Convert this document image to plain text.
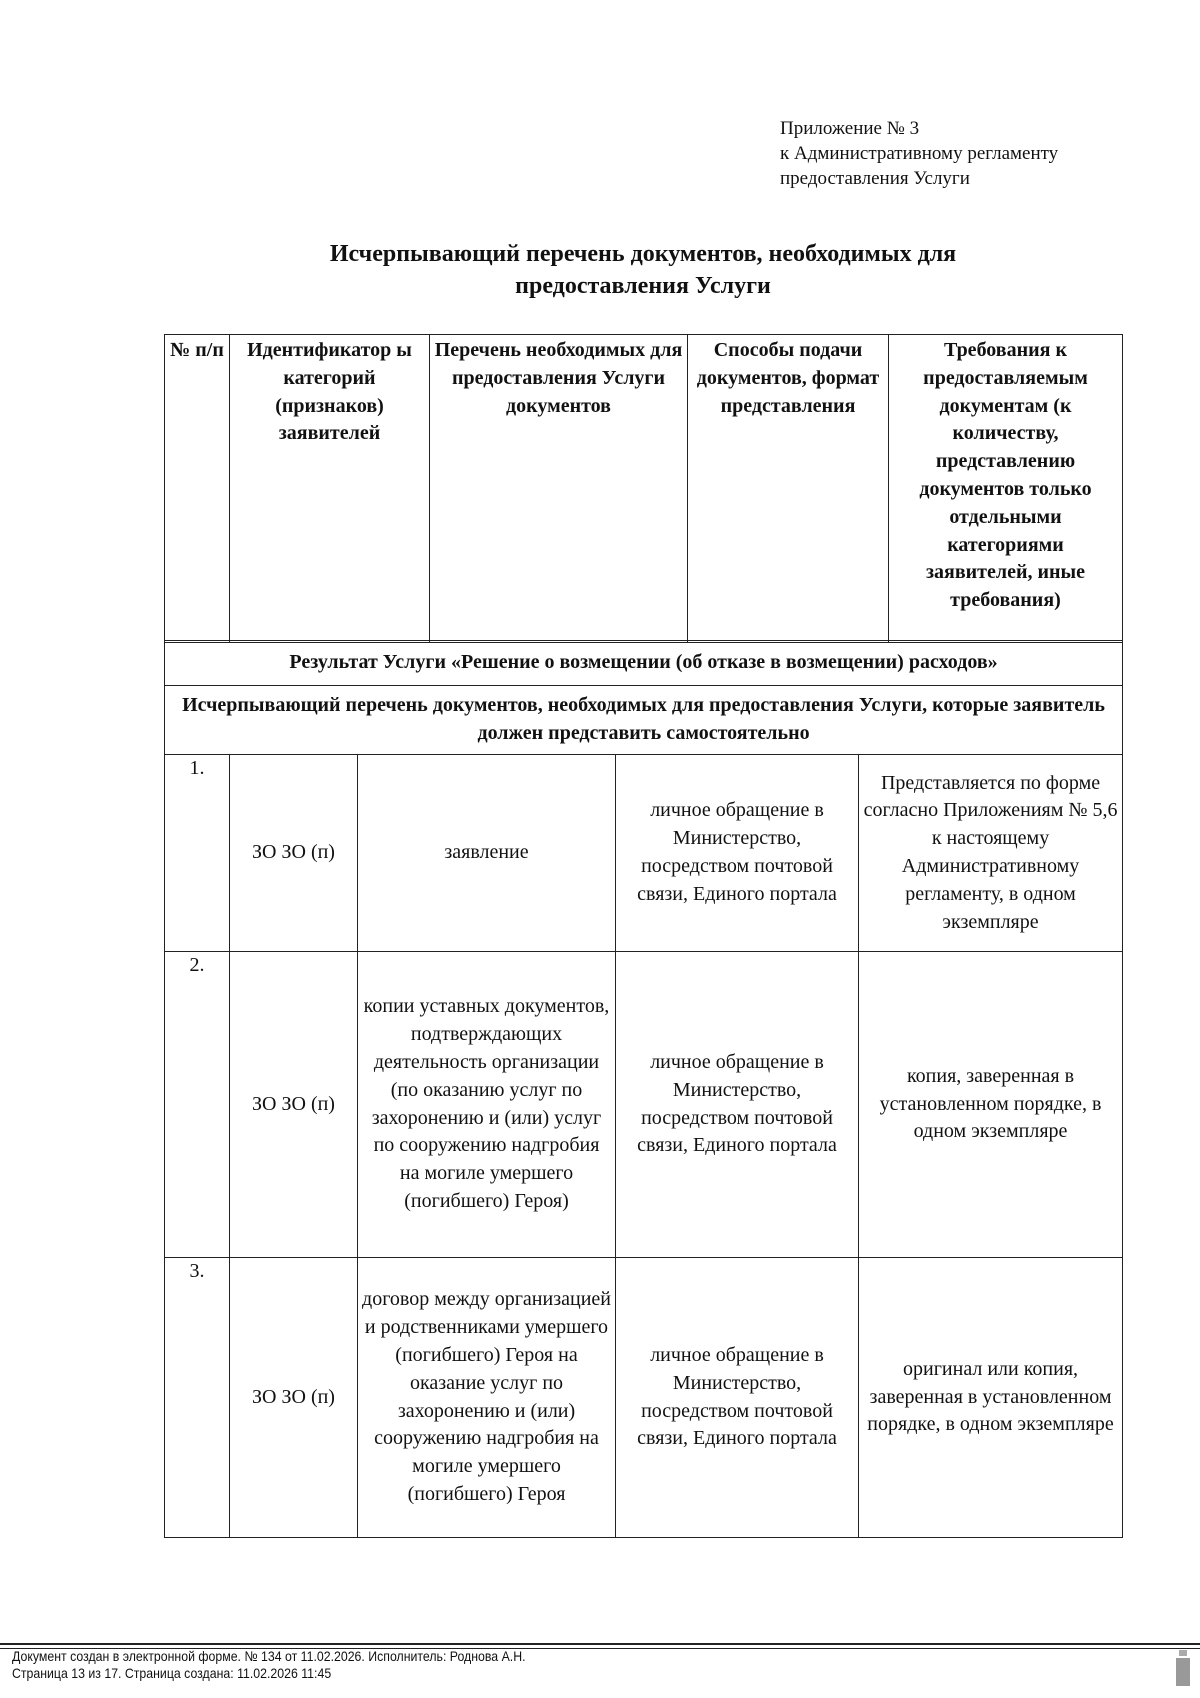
Приложение № 3
к Административному регламенту
предоставления Услуги
Исчерпывающий перечень документов, необходимых для
предоставления Услуги
№ п/п	Идентификатор ы категорий (признаков) заявителей	Перечень необходимых для предоставления Услуги документов	Способы подачи документов, формат представления	Требования к предоставляемым документам (к количеству, представлению документов только отдельными категориями заявителей, иные требования)
Результат Услуги «Решение о возмещении (об отказе в возмещении) расходов»				
Исчерпывающий перечень документов, необходимых для предоставления Услуги, которые заявитель должен представить самостоятельно				
1.	ЗО ЗО (п)	заявление	личное обращение в Министерство, посредством почтовой связи, Единого портала	Представляется по форме согласно Приложениям № 5,6 к настоящему Административному регламенту, в одном экземпляре
2.	ЗО ЗО (п)	копии уставных документов, подтверждающих деятельность организации (по оказанию услуг по захоронению и (или) услуг по сооружению надгробия на могиле умершего (погибшего) Героя)	личное обращение в Министерство, посредством почтовой связи, Единого портала	копия, заверенная в установленном порядке, в одном экземпляре
3.	ЗО ЗО (п)	договор между организацией и родственниками умершего (погибшего) Героя на оказание услуг по захоронению и (или) сооружению надгробия на могиле умершего (погибшего) Героя	личное обращение в Министерство, посредством почтовой связи, Единого портала	оригинал или копия, заверенная в установленном порядке, в одном экземпляре
Документ создан в электронной форме. № 134 от 11.02.2026. Исполнитель: Роднова А.Н.
Страница 13 из 17. Страница создана: 11.02.2026 11:45
